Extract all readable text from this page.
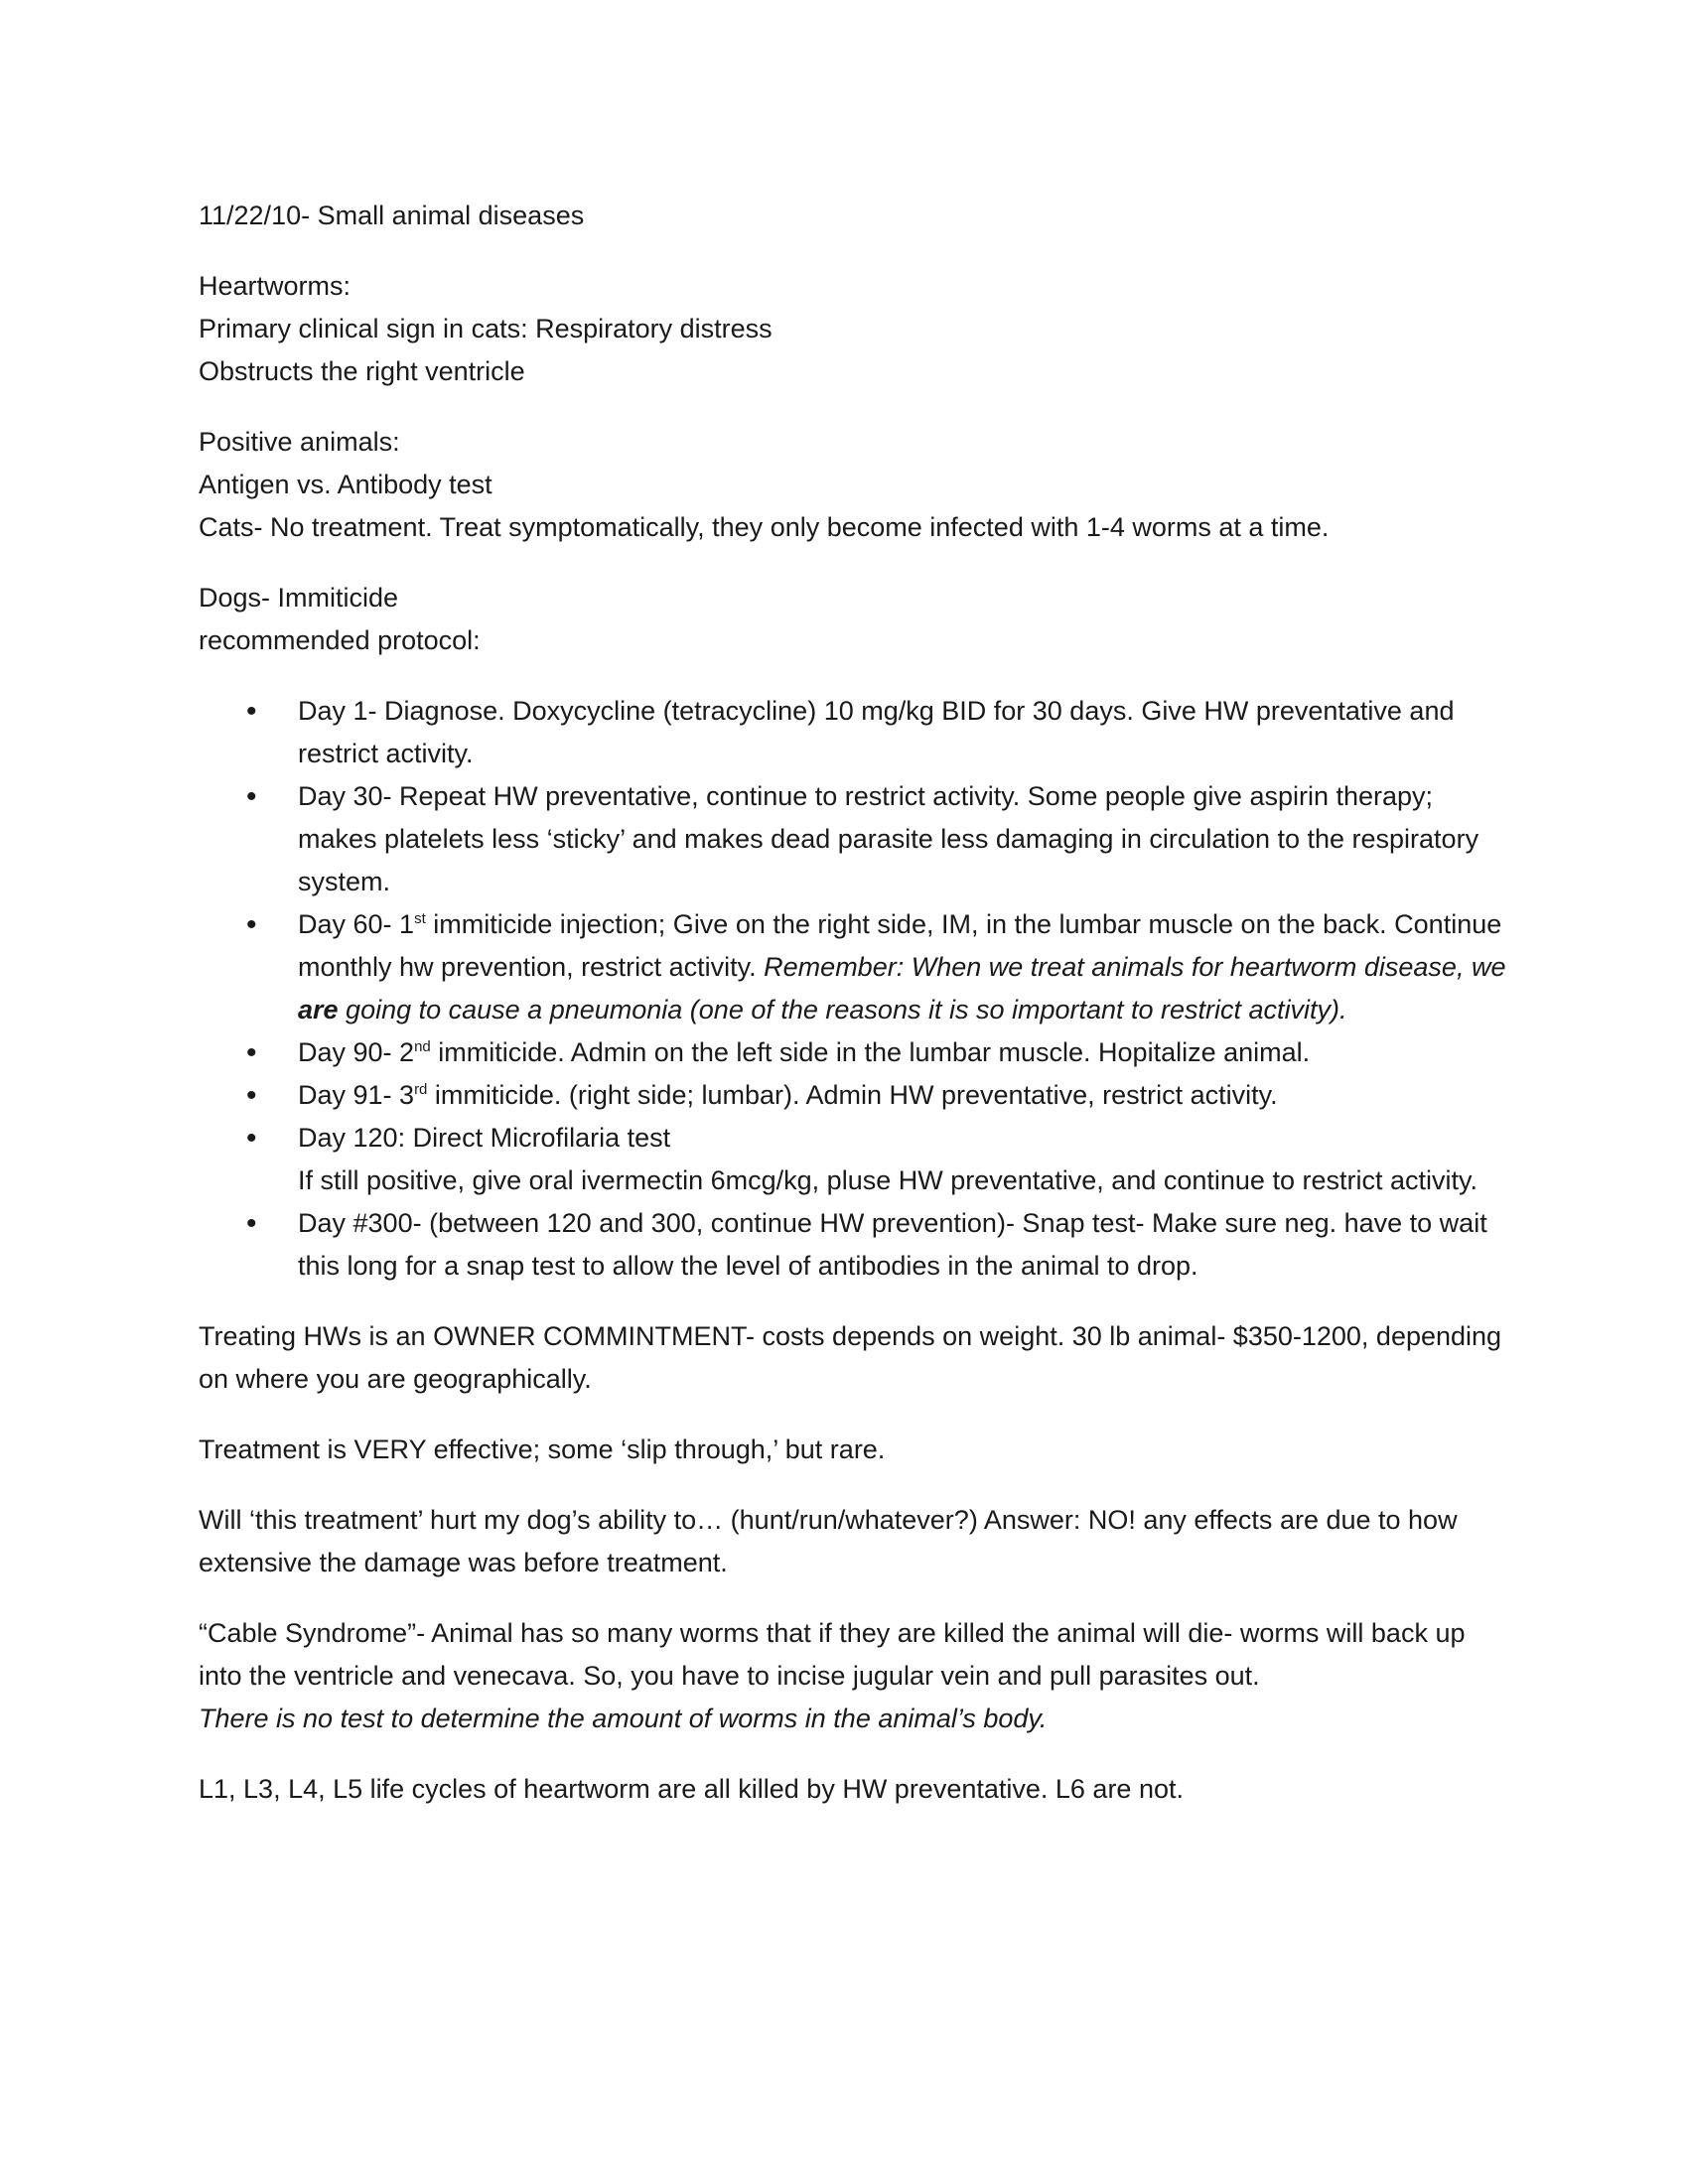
11/22/10- Small animal diseases

Heartworms:

Primary clinical sign in cats: Respiratory distress

Obstructs the right ventricle

Positive animals:

Antigen vs. Antibody test

Cats- No treatment. Treat symptomatically, they only become infected with 1-4 worms at a time.

Dogs- Immiticide

recommended protocol:

• Day 1- Diagnose. Doxycycline (tetracycline) 10 mg/kg BID for 30 days. Give HW preventative and restrict activity.
• Day 30- Repeat HW preventative, continue to restrict activity. Some people give aspirin therapy; makes platelets less ‘sticky’ and makes dead parasite less damaging in circulation to the respiratory system.
• Day 60- 1st immiticide injection; Give on the right side, IM, in the lumbar muscle on the back. Continue monthly hw prevention, restrict activity. Remember: When we treat animals for heartworm disease, we are going to cause a pneumonia (one of the reasons it is so important to restrict activity).
• Day 90- 2nd immiticide. Admin on the left side in the lumbar muscle. Hopitalize animal.
• Day 91- 3rd immiticide. (right side; lumbar). Admin HW preventative, restrict activity.

• Day 120: Direct Microfilaria test

If still positive, give oral ivermectin 6mcg/kg, pluse HW preventative, and continue to restrict activity.

• Day #300- (between 120 and 300, continue HW prevention)- Snap test- Make sure neg. have to wait this long for a snap test to allow the level of antibodies in the animal to drop.

Treating HWs is an OWNER COMMINTMENT- costs depends on weight. 30 lb animal- $350-1200, depending on where you are geographically.

Treatment is VERY effective; some ‘slip through,’ but rare.

Will ‘this treatment’ hurt my dog’s ability to… (hunt/run/whatever?) Answer: NO! any effects are due to how extensive the damage was before treatment.

“Cable Syndrome”- Animal has so many worms that if they are killed the animal will die- worms will back up into the ventricle and venecava. So, you have to incise jugular vein and pull parasites out.
There is no test to determine the amount of worms in the animal’s body.

L1, L3, L4, L5 life cycles of heartworm are all killed by HW preventative. L6 are not.
